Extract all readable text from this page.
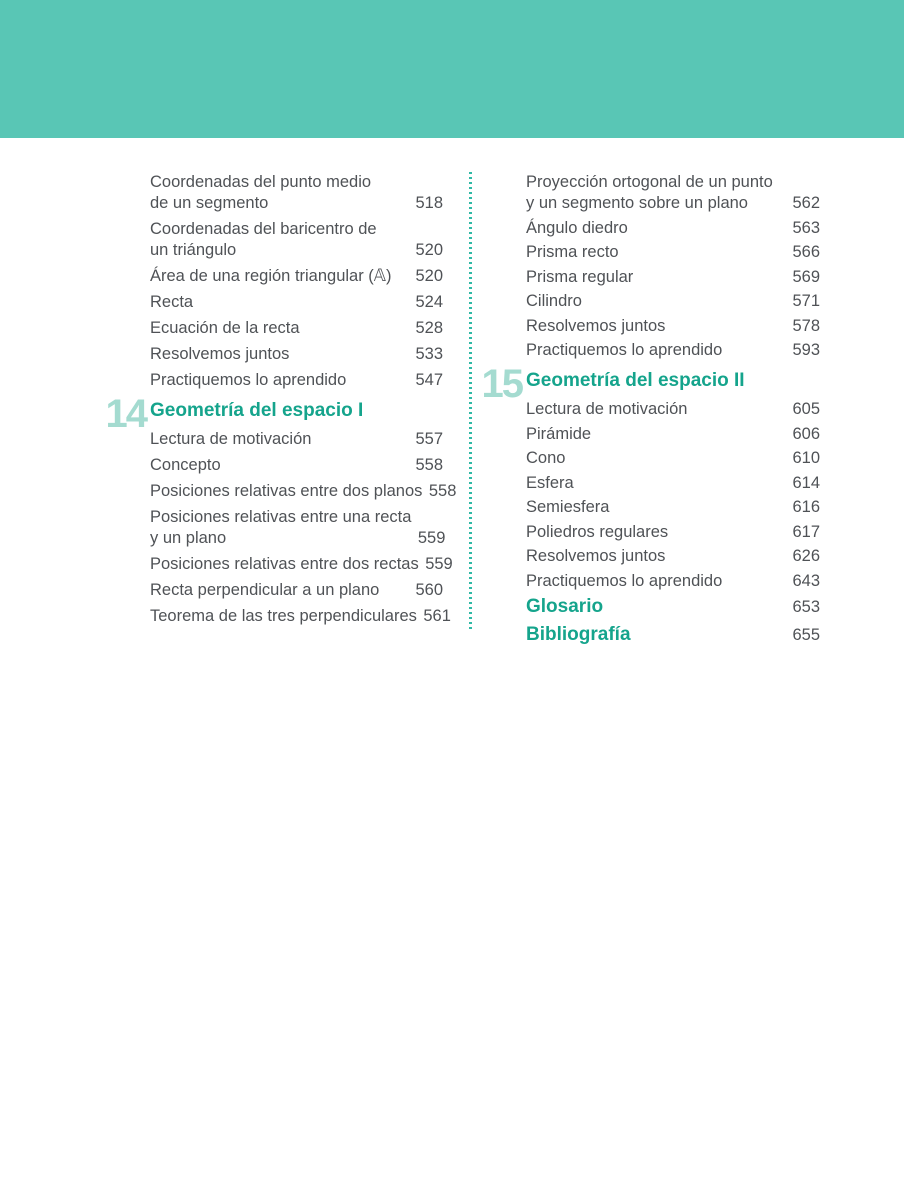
Coordenadas del punto medio
de un segmento	518
Coordenadas del baricentro de
un triángulo	520
Área de una región triangular (𝔸)	520
Recta	524
Ecuación de la recta	528
Resolvemos juntos	533
Practiquemos lo aprendido	547
14 Geometría del espacio I
Lectura de motivación	557
Concepto	558
Posiciones relativas entre dos planos 558
Posiciones relativas entre una recta
y un plano	559
Posiciones relativas entre dos rectas 559
Recta perpendicular a un plano	560
Teorema de las tres perpendiculares 561
Proyección ortogonal de un punto
y un segmento sobre un plano	562
Ángulo diedro	563
Prisma recto	566
Prisma regular	569
Cilindro	571
Resolvemos juntos	578
Practiquemos lo aprendido	593
15 Geometría del espacio II
Lectura de motivación	605
Pirámide	606
Cono	610
Esfera	614
Semiesfera	616
Poliedros regulares	617
Resolvemos juntos	626
Practiquemos lo aprendido	643
Glosario	653
Bibliografía	655
